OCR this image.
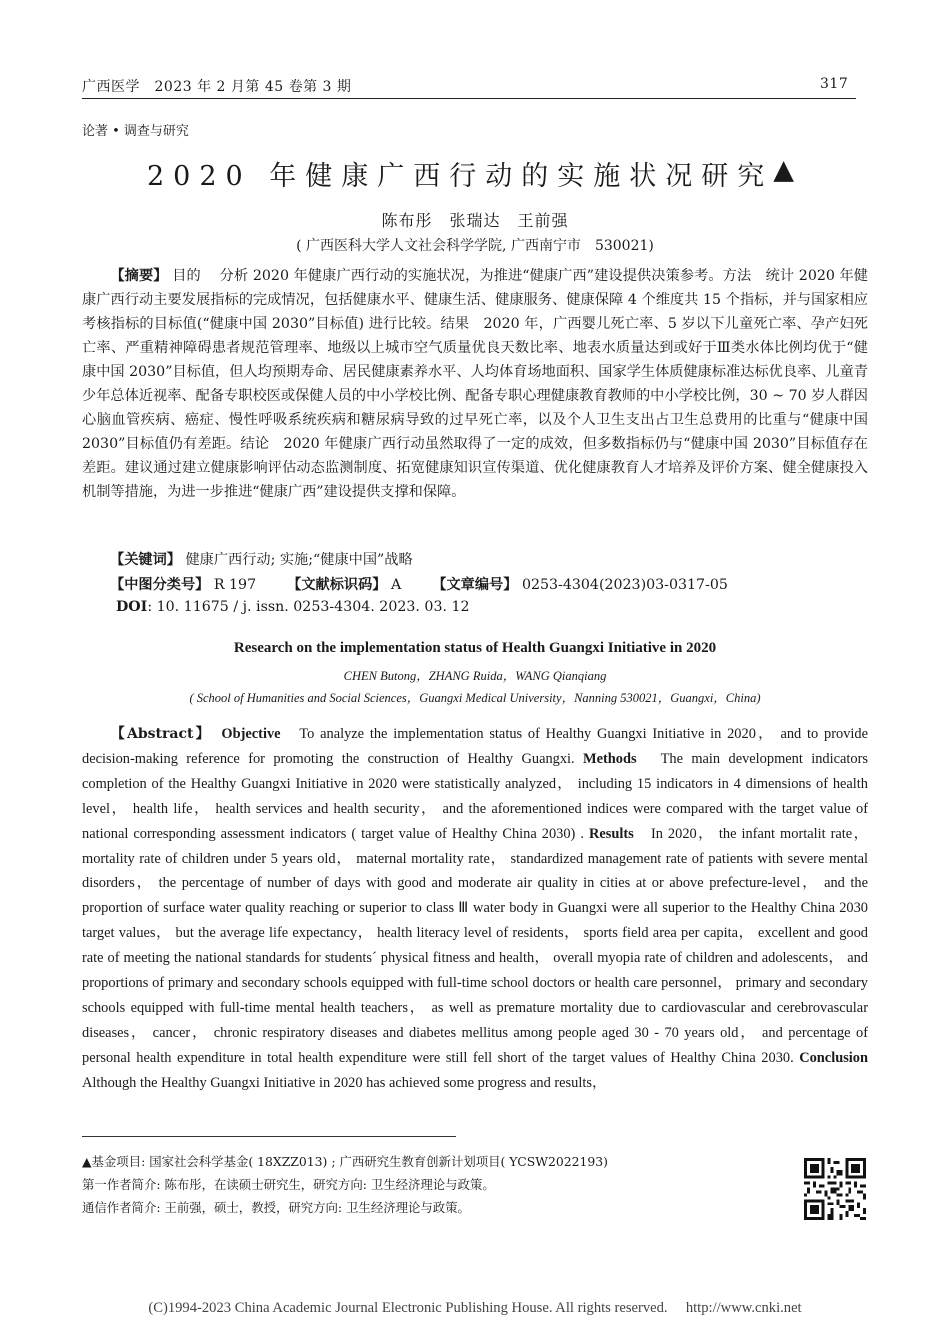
广西医学　2023 年 2 月第 45 卷第 3 期	317
论著 • 调查与研究
2020 年健康广西行动的实施状况研究▲
陈布彤　张瑞达　王前强
( 广西医科大学人文社会科学学院, 广西南宁市　530021)

【摘要】 目的　 分析 2020 年健康广西行动的实施状况，为推进“健康广西”建设提供决策参考。方法　统计 2020 年健康广西行动主要发展指标的完成情况，包括健康水平、健康生活、健康服务、健康保障 4 个维度共 15 个指标，并与国家相应考核指标的目标值(“健康中国 2030”目标值) 进行比较。结果　2020 年，广西婴儿死亡率、5 岁以下儿童死亡率、孕产妇死亡率、严重精神障碍患者规范管理率、地级以上城市空气质量优良天数比率、地表水质量达到或好于Ⅲ类水体比例均优于“健康中国 2030”目标值，但人均预期寿命、居民健康素养水平、人均体育场地面积、国家学生体质健康标准达标优良率、儿童青少年总体近视率、配备专职校医或保健人员的中小学校比例、配备专职心理健康教育教师的中小学校比例，30 ~ 70 岁人群因心脑血管疾病、癌症、慢性呼吸系统疾病和糖尿病导致的过早死亡率，以及个人卫生支出占卫生总费用的比重与“健康中国 2030”目标值仍有差距。结论　2020 年健康广西行动虽然取得了一定的成效，但多数指标仍与“健康中国 2030”目标值存在差距。建议通过建立健康影响评估动态监测制度、拓宽健康知识宣传渠道、优化健康教育人才培养及评价方案、健全健康投入机制等措施，为进一步推进“健康广西”建设提供支撑和保障。

【关键词】 健康广西行动; 实施;“健康中国”战略
【中图分类号】 R 197 【文献标识码】 A 【文章编号】 0253-4304(2023)03-0317-05
DOI: 10. 11675 / j. issn. 0253-4304. 2023. 03. 12
Research on the implementation status of Health Guangxi Initiative in 2020
CHEN Butong，ZHANG Ruida，WANG Qianqiang
( School of Humanities and Social Sciences，Guangxi Medical University，Nanning 530021，Guangxi，China)

【Abstract】　 Objective　 To analyze the implementation status of Healthy Guangxi Initiative in 2020， and to provide decision-making reference for promoting the construction of Healthy Guangxi. Methods　 The main development indicators completion of the Healthy Guangxi Initiative in 2020 were statistically analyzed， including 15 indicators in 4 dimensions of health level， health life， health services and health security， and the aforementioned indices were compared with the target value of national corresponding assessment indicators ( target value of Healthy China 2030) . Results　 In 2020， the infant mortalit rate， mortality rate of children under 5 years old， maternal mortality rate， standardized management rate of patients with severe mental disorders， the percentage of number of days with good and moderate air quality in cities at or above prefecture-level， and the proportion of surface water quality reaching or superior to class Ⅲ water body in Guangxi were all superior to the Healthy China 2030 target values， but the average life expectancy， health literacy level of residents， sports field area per capita， excellent and good rate of meeting the national standards for students´ physical fitness and health， overall myopia rate of children and adolescents， and proportions of primary and secondary schools equipped with full-time school doctors or health care personnel， primary and secondary schools equipped with full-time mental health teachers， as well as premature mortality due to cardiovascular and cerebrovascular diseases， cancer， chronic respiratory diseases and diabetes mellitus among people aged 30 - 70 years old， and percentage of personal health expenditure in total health expenditure were still fell short of the target values of Healthy China 2030. Conclusion　Although the Healthy Guangxi Initiative in 2020 has achieved some progress and results，

▲基金项目: 国家社会科学基金( 18XZZ013) ; 广西研究生教育创新计划项目( YCSW2022193)
第一作者简介: 陈布彤，在读硕士研究生，研究方向: 卫生经济理论与政策。
通信作者简介: 王前强，硕士，教授，研究方向: 卫生经济理论与政策。
(C)1994-2023 China Academic Journal Electronic Publishing House. All rights reserved.　 http://www.cnki.net
